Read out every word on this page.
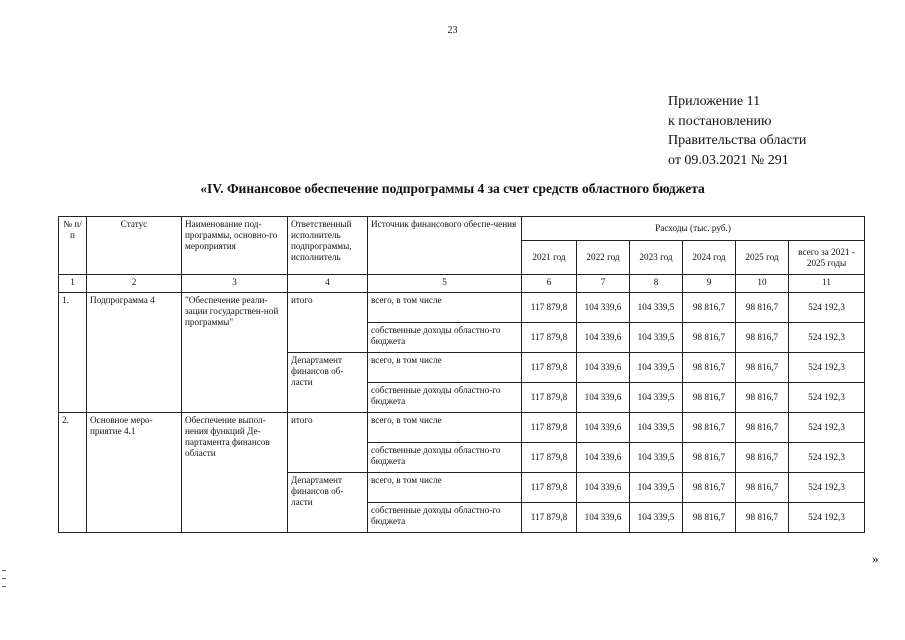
23
Приложение 11
к постановлению
Правительства области
от 09.03.2021 № 291
«IV. Финансовое обеспечение подпрограммы 4 за счет средств областного бюджета
№ п/п	Статус	Наименование под-программы, основно-го мероприятия	Ответственный исполнитель подпрограммы, исполнитель	Источник финансового обеспе-чения	Расходы (тыс. руб.)					
					2021 год	2022 год	2023 год	2024 год	2025 год	всего за 2021 - 2025 годы
1	2	3	4	5	6	7	8	9	10	11
1.	Подпрограмма 4	"Обеспечение реали-зации государствен-ной программы"	итого	всего, в том числе	117 879,8	104 339,6	104 339,5	98 816,7	98 816,7	524 192,3
				собственные доходы областно-го бюджета	117 879,8	104 339,6	104 339,5	98 816,7	98 816,7	524 192,3
			Департамент финансов об-ласти	всего, в том числе	117 879,8	104 339,6	104 339,5	98 816,7	98 816,7	524 192,3
				собственные доходы областно-го бюджета	117 879,8	104 339,6	104 339,5	98 816,7	98 816,7	524 192,3
2.	Основное меро-приятие 4.1	Обеспечение выпол-нения функций Де-партамента финансов области	итого	всего, в том числе	117 879,8	104 339,6	104 339,5	98 816,7	98 816,7	524 192,3
				собственные доходы областно-го бюджета	117 879,8	104 339,6	104 339,5	98 816,7	98 816,7	524 192,3
			Департамент финансов об-ласти	всего, в том числе	117 879,8	104 339,6	104 339,5	98 816,7	98 816,7	524 192,3
				собственные доходы областно-го бюджета	117 879,8	104 339,6	104 339,5	98 816,7	98 816,7	524 192,3
»
